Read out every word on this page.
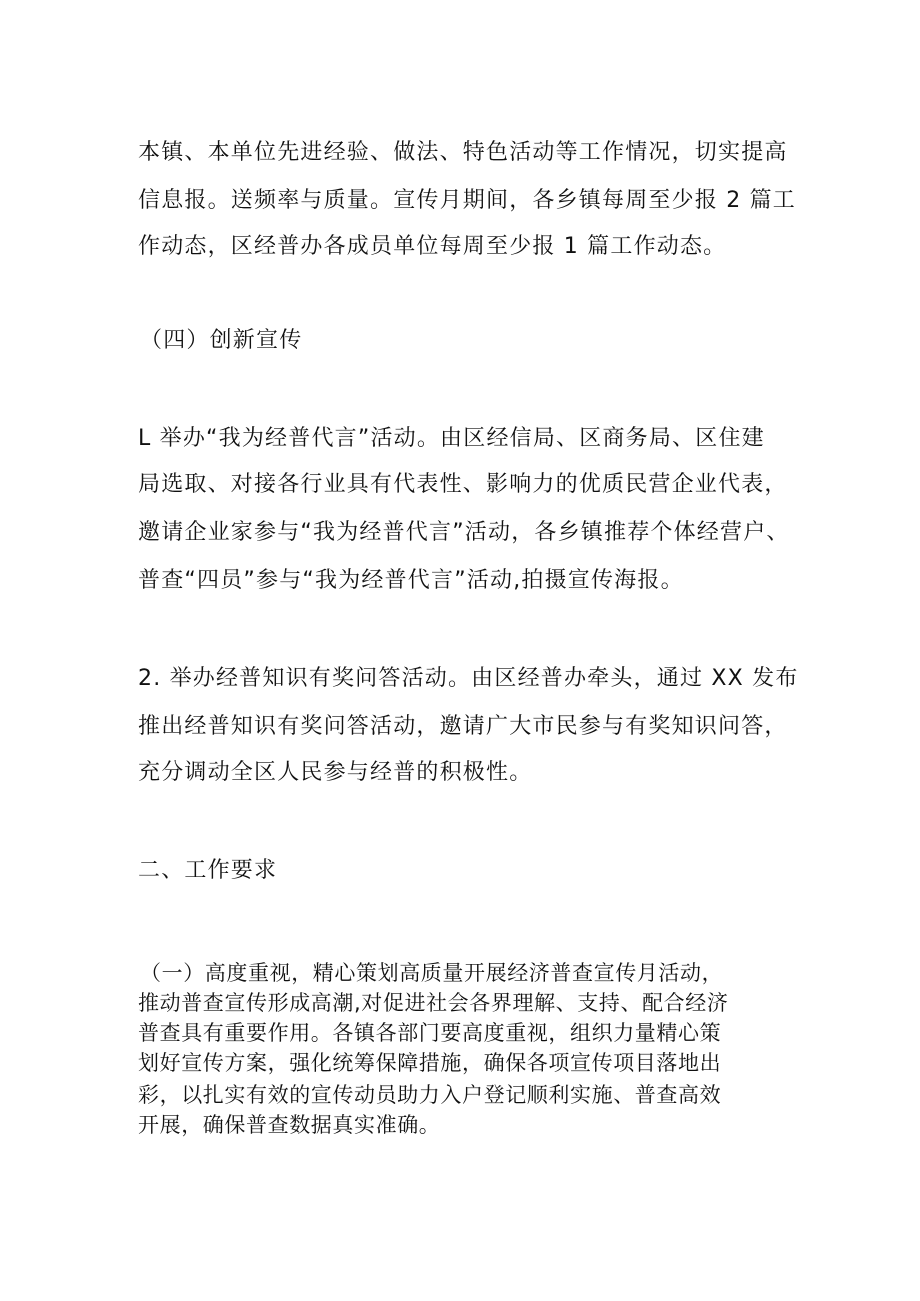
本镇、本单位先进经验、做法、特色活动等工作情况，切实提高
信息报。送频率与质量。宣传月期间，各乡镇每周至少报 2 篇工
作动态，区经普办各成员单位每周至少报 1 篇工作动态。
（四）创新宣传
L 举办“我为经普代言”活动。由区经信局、区商务局、区住建
局选取、对接各行业具有代表性、影响力的优质民营企业代表，
邀请企业家参与“我为经普代言”活动，各乡镇推荐个体经营户、
普查“四员”参与“我为经普代言”活动,拍摄宣传海报。
2. 举办经普知识有奖问答活动。由区经普办牵头，通过 XX 发布
推出经普知识有奖问答活动，邀请广大市民参与有奖知识问答，
充分调动全区人民参与经普的积极性。
二、工作要求
（一）高度重视，精心策划高质量开展经济普查宣传月活动，
推动普查宣传形成高潮,对促进社会各界理解、支持、配合经济
普查具有重要作用。各镇各部门要高度重视，组织力量精心策
划好宣传方案，强化统筹保障措施，确保各项宣传项目落地出
彩，以扎实有效的宣传动员助力入户登记顺利实施、普查高效
开展，确保普查数据真实准确。
